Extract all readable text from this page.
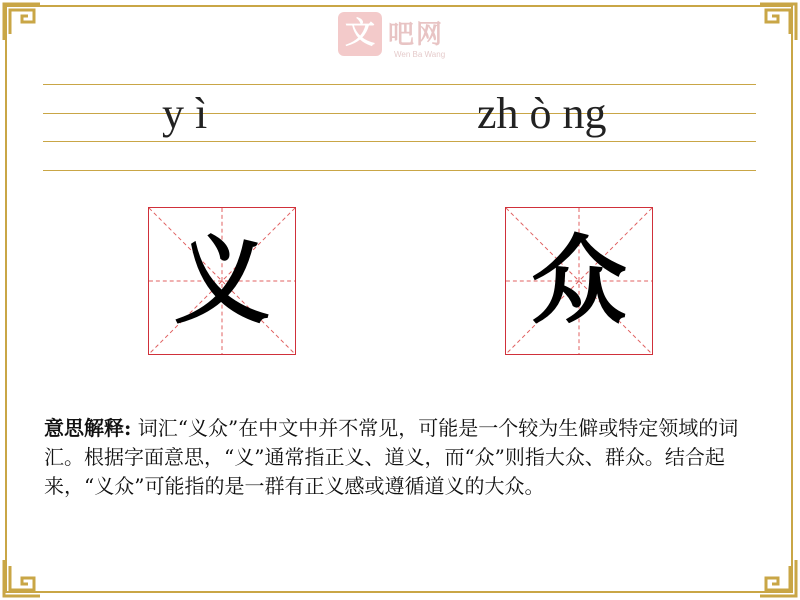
文 吧网
Wen Ba Wang
y ì	zh ò ng
义	众
意思解释: 词汇“义众”在中文中并不常见，可能是一个较为生僻或特定领域的词汇。根据字面意思，“义”通常指正义、道义，而“众”则指大众、群众。结合起来，“义众”可能指的是一群有正义感或遵循道义的大众。
